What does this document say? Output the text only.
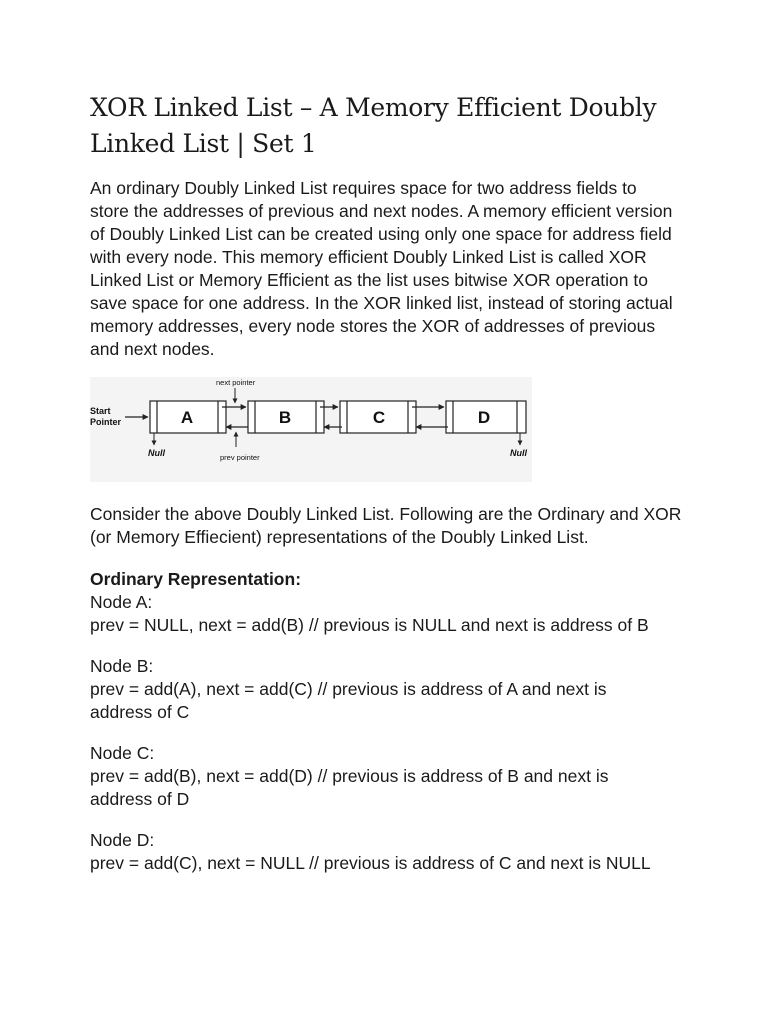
XOR Linked List – A Memory Efficient Doubly
Linked List | Set 1

An ordinary Doubly Linked List requires space for two address fields to store the addresses of previous and next nodes. A memory efficient version of Doubly Linked List can be created using only one space for address field with every node. This memory efficient Doubly Linked List is called XOR Linked List or Memory Efficient as the list uses bitwise XOR operation to save space for one address. In the XOR linked list, instead of storing actual memory addresses, every node stores the XOR of addresses of previous and next nodes.

Start
Pointer	A	B	C	D
next pointer
prev pointer
Null	Null

Consider the above Doubly Linked List. Following are the Ordinary and XOR (or Memory Effiecient) representations of the Doubly Linked List.

Ordinary Representation:

Node A:

prev = NULL, next = add(B) // previous is NULL and next is address of B

Node B:

prev = add(A), next = add(C) // previous is address of A and next is

address of C

Node C:

prev = add(B), next = add(D) // previous is address of B and next is

address of D

Node D:

prev = add(C), next = NULL // previous is address of C and next is NULL
